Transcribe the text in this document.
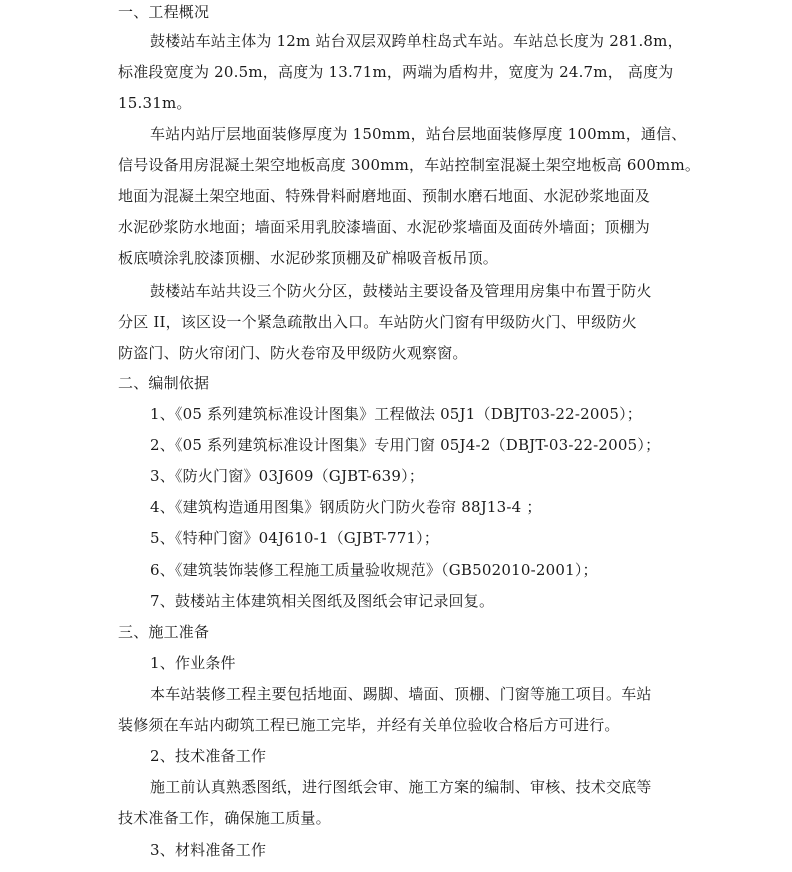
一、工程概况
鼓楼站车站主体为 12m 站台双层双跨单柱岛式车站。车站总长度为 281.8m，
标准段宽度为 20.5m，高度为 13.71m，两端为盾构井，宽度为 24.7m， 高度为
15.31m。
车站内站厅层地面装修厚度为 150mm，站台层地面装修厚度 100mm，通信、
信号设备用房混凝土架空地板高度 300mm，车站控制室混凝土架空地板高 600mm。
地面为混凝土架空地面、特殊骨料耐磨地面、预制水磨石地面、水泥砂浆地面及
水泥砂浆防水地面；墙面采用乳胶漆墙面、水泥砂浆墙面及面砖外墙面；顶棚为
板底喷涂乳胶漆顶棚、水泥砂浆顶棚及矿棉吸音板吊顶。
鼓楼站车站共设三个防火分区，鼓楼站主要设备及管理用房集中布置于防火
分区 II，该区设一个紧急疏散出入口。车站防火门窗有甲级防火门、甲级防火
防盗门、防火帘闭门、防火卷帘及甲级防火观察窗。
二、编制依据
1、《05 系列建筑标准设计图集》工程做法 05J1（DBJT03-22-2005）；
2、《05 系列建筑标准设计图集》专用门窗 05J4-2（DBJT-03-22-2005）；
3、《防火门窗》03J609（GJBT-639）；
4、《建筑构造通用图集》钢质防火门防火卷帘 88J13-4 ；
5、《特种门窗》04J610-1（GJBT-771）；
6、《建筑装饰装修工程施工质量验收规范》（GB502010-2001）；
7、鼓楼站主体建筑相关图纸及图纸会审记录回复。
三、施工准备
1、作业条件
本车站装修工程主要包括地面、踢脚、墙面、顶棚、门窗等施工项目。车站
装修须在车站内砌筑工程已施工完毕，并经有关单位验收合格后方可进行。
2、技术准备工作
施工前认真熟悉图纸，进行图纸会审、施工方案的编制、审核、技术交底等
技术准备工作，确保施工质量。
3、材料准备工作
